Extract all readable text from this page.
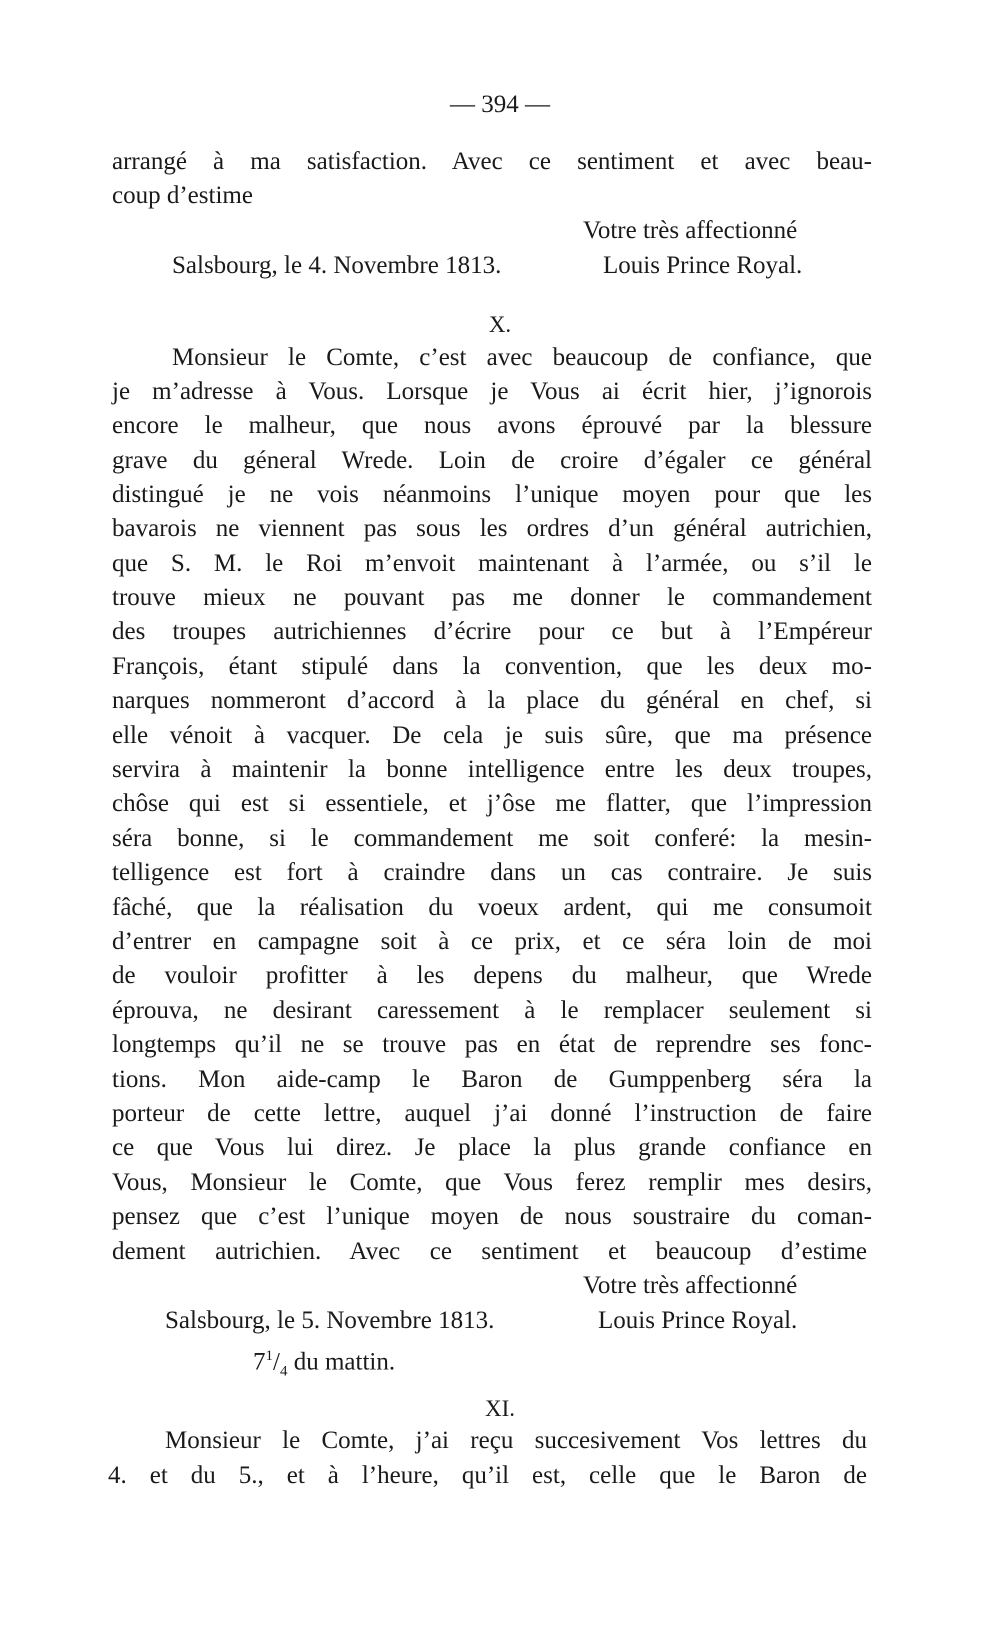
— 394 —
arrangé à ma satisfaction. Avec ce sentiment et avec beau-
coup d’estime
Votre très affectionné
Salsbourg, le 4. Novembre 1813.	Louis Prince Royal.
X.
Monsieur le Comte, c’est avec beaucoup de confiance, que
je m’adresse à Vous. Lorsque je Vous ai écrit hier, j’ignorois
encore le malheur, que nous avons éprouvé par la blessure
grave du géneral Wrede. Loin de croire d’égaler ce général
distingué je ne vois néanmoins l’unique moyen pour que les
bavarois ne viennent pas sous les ordres d’un général autrichien,
que S. M. le Roi m’envoit maintenant à l’armée, ou s’il le
trouve mieux ne pouvant pas me donner le commandement
des troupes autrichiennes d’écrire pour ce but à l’Empéreur
François, étant stipulé dans la convention, que les deux mo-
narques nommeront d’accord à la place du général en chef, si
elle vénoit à vacquer. De cela je suis sûre, que ma présence
servira à maintenir la bonne intelligence entre les deux troupes,
chôse qui est si essentiele, et j’ôse me flatter, que l’impression
séra bonne, si le commandement me soit conferé: la mesin-
telligence est fort à craindre dans un cas contraire. Je suis
fâché, que la réalisation du voeux ardent, qui me consumoit
d’entrer en campagne soit à ce prix, et ce séra loin de moi
de vouloir profitter à les depens du malheur, que Wrede
éprouva, ne desirant caressement à le remplacer seulement si
longtemps qu’il ne se trouve pas en état de reprendre ses fonc-
tions. Mon aide-camp le Baron de Gumppenberg séra la
porteur de cette lettre, auquel j’ai donné l’instruction de faire
ce que Vous lui direz. Je place la plus grande confiance en
Vous, Monsieur le Comte, que Vous ferez remplir mes desirs,
pensez que c’est l’unique moyen de nous soustraire du coman-
dement autrichien. Avec ce sentiment et beaucoup d’estime
Votre très affectionné
Salsbourg, le 5. Novembre 1813.	Louis Prince Royal.
$7^1/_4$ du mattin.
XI.
Monsieur le Comte, j’ai reçu succesivement Vos lettres du
4. et du 5., et à l’heure, qu’il est, celle que le Baron de
